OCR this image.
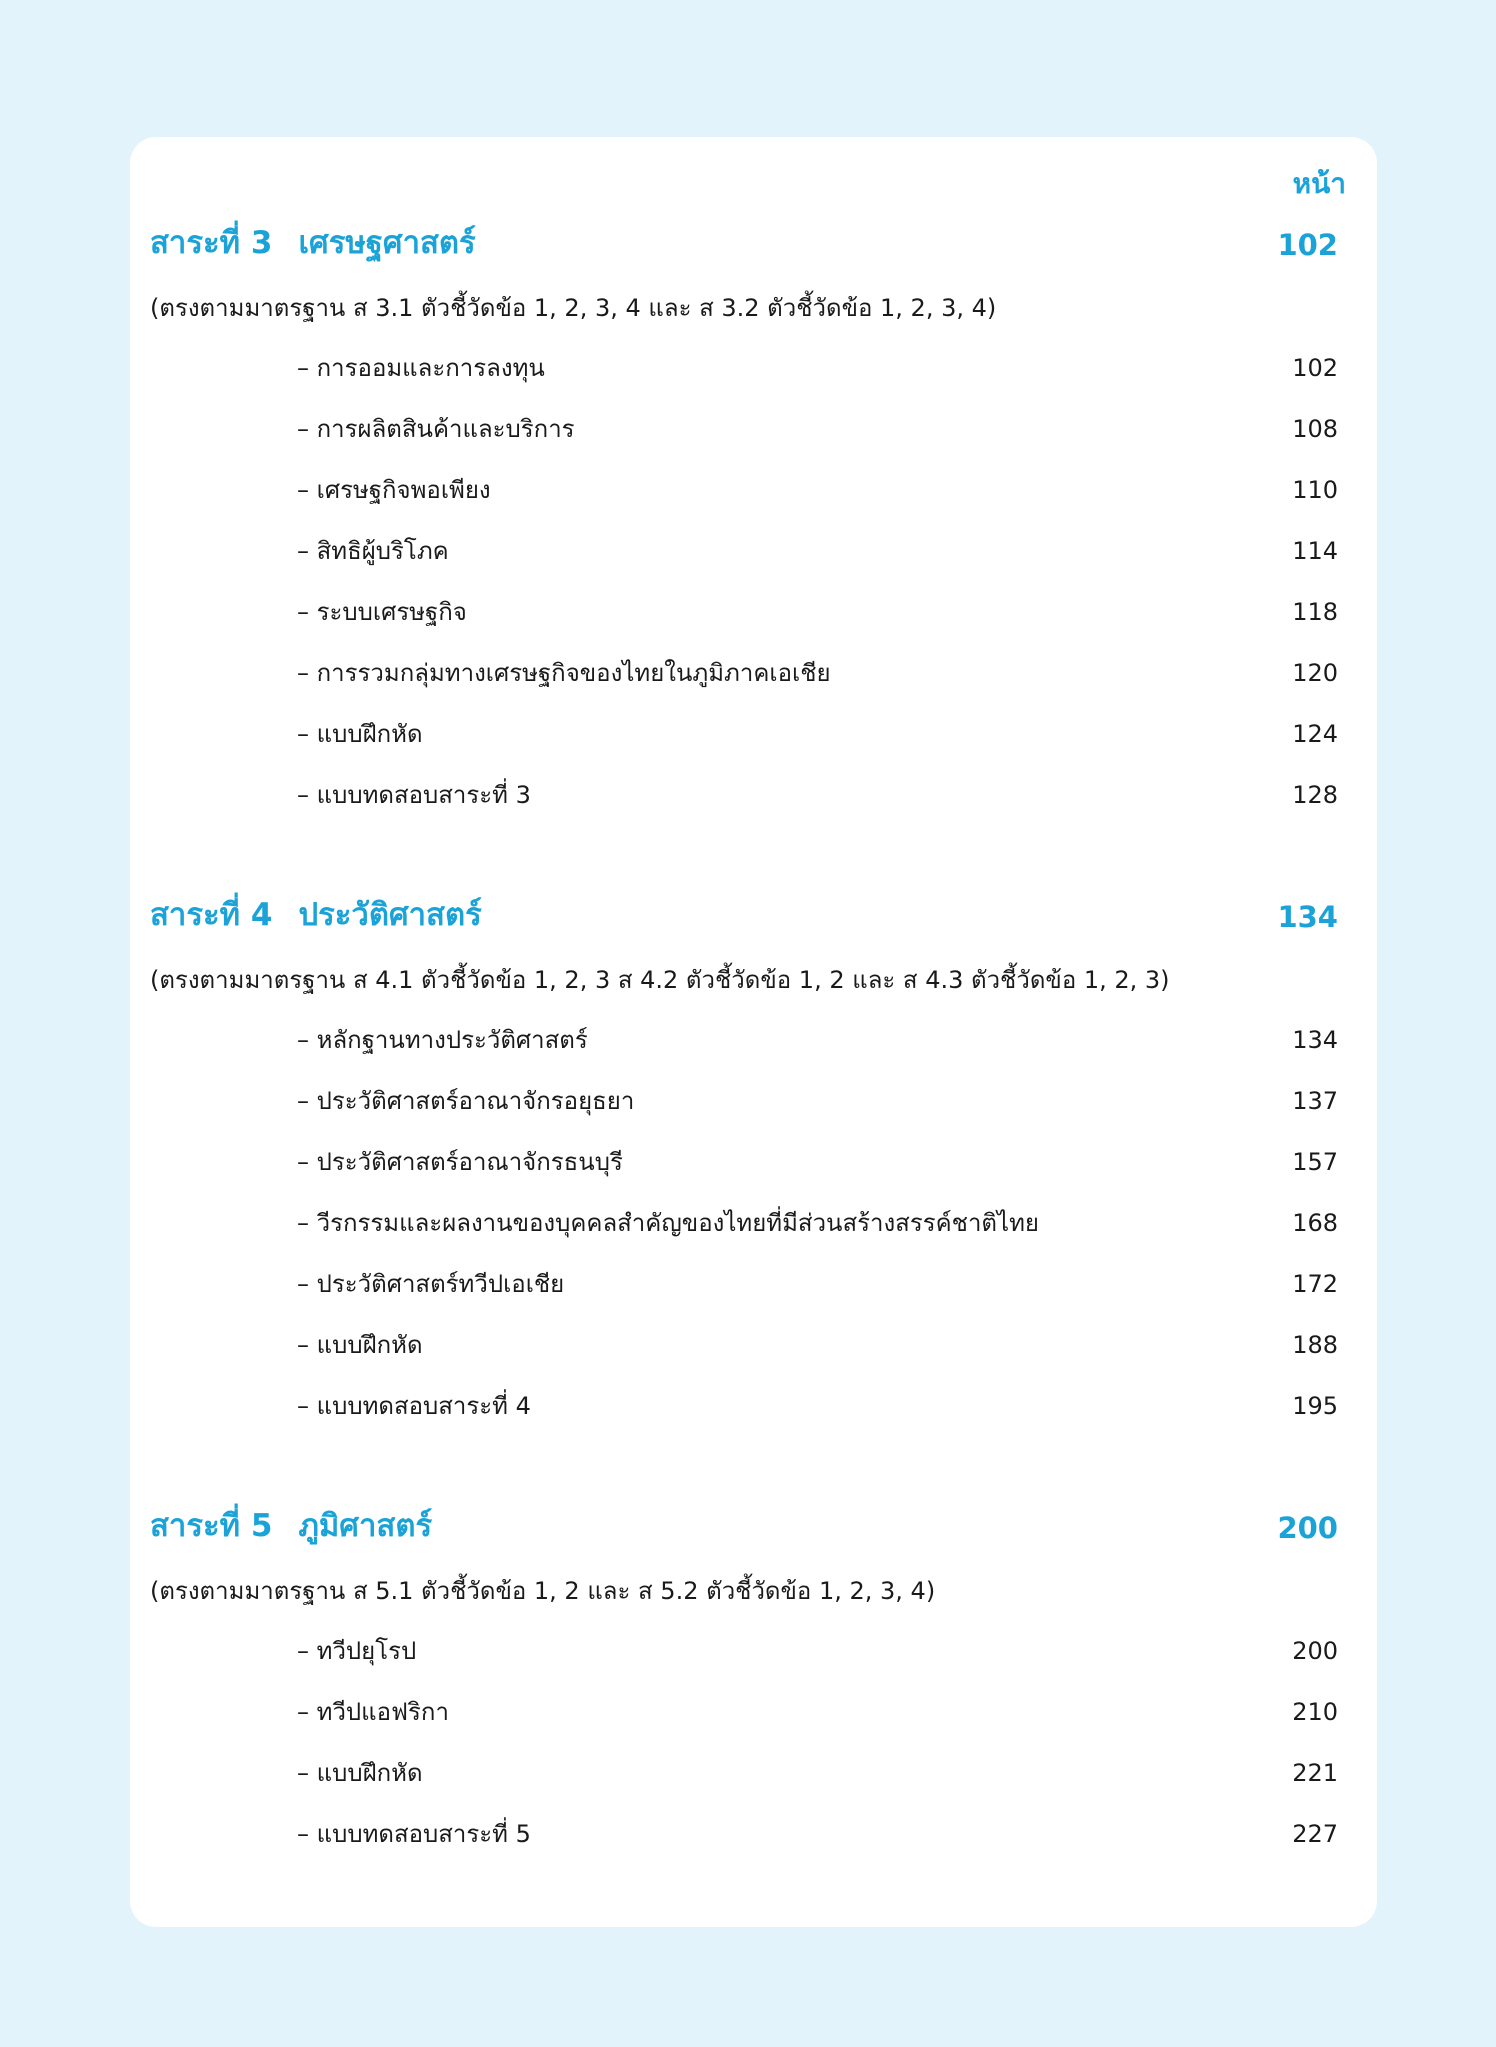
หน้า
สาระที่ 3 เศรษฐศาสตร์	102
(ตรงตามมาตรฐาน ส 3.1 ตัวชี้วัดข้อ 1, 2, 3, 4 และ ส 3.2 ตัวชี้วัดข้อ 1, 2, 3, 4)
– การออมและการลงทุน	102
– การผลิตสินค้าและบริการ	108
– เศรษฐกิจพอเพียง	110
– สิทธิผู้บริโภค	114
– ระบบเศรษฐกิจ	118
– การรวมกลุ่มทางเศรษฐกิจของไทยในภูมิภาคเอเชีย	120
– แบบฝึกหัด	124
– แบบทดสอบสาระที่ 3	128
สาระที่ 4 ประวัติศาสตร์	134
(ตรงตามมาตรฐาน ส 4.1 ตัวชี้วัดข้อ 1, 2, 3 ส 4.2 ตัวชี้วัดข้อ 1, 2 และ ส 4.3 ตัวชี้วัดข้อ 1, 2, 3)
– หลักฐานทางประวัติศาสตร์	134
– ประวัติศาสตร์อาณาจักรอยุธยา	137
– ประวัติศาสตร์อาณาจักรธนบุรี	157
– วีรกรรมและผลงานของบุคคลสำคัญของไทยที่มีส่วนสร้างสรรค์ชาติไทย	168
– ประวัติศาสตร์ทวีปเอเชีย	172
– แบบฝึกหัด	188
– แบบทดสอบสาระที่ 4	195
สาระที่ 5 ภูมิศาสตร์	200
(ตรงตามมาตรฐาน ส 5.1 ตัวชี้วัดข้อ 1, 2 และ ส 5.2 ตัวชี้วัดข้อ 1, 2, 3, 4)
– ทวีปยุโรป	200
– ทวีปแอฟริกา	210
– แบบฝึกหัด	221
– แบบทดสอบสาระที่ 5	227
